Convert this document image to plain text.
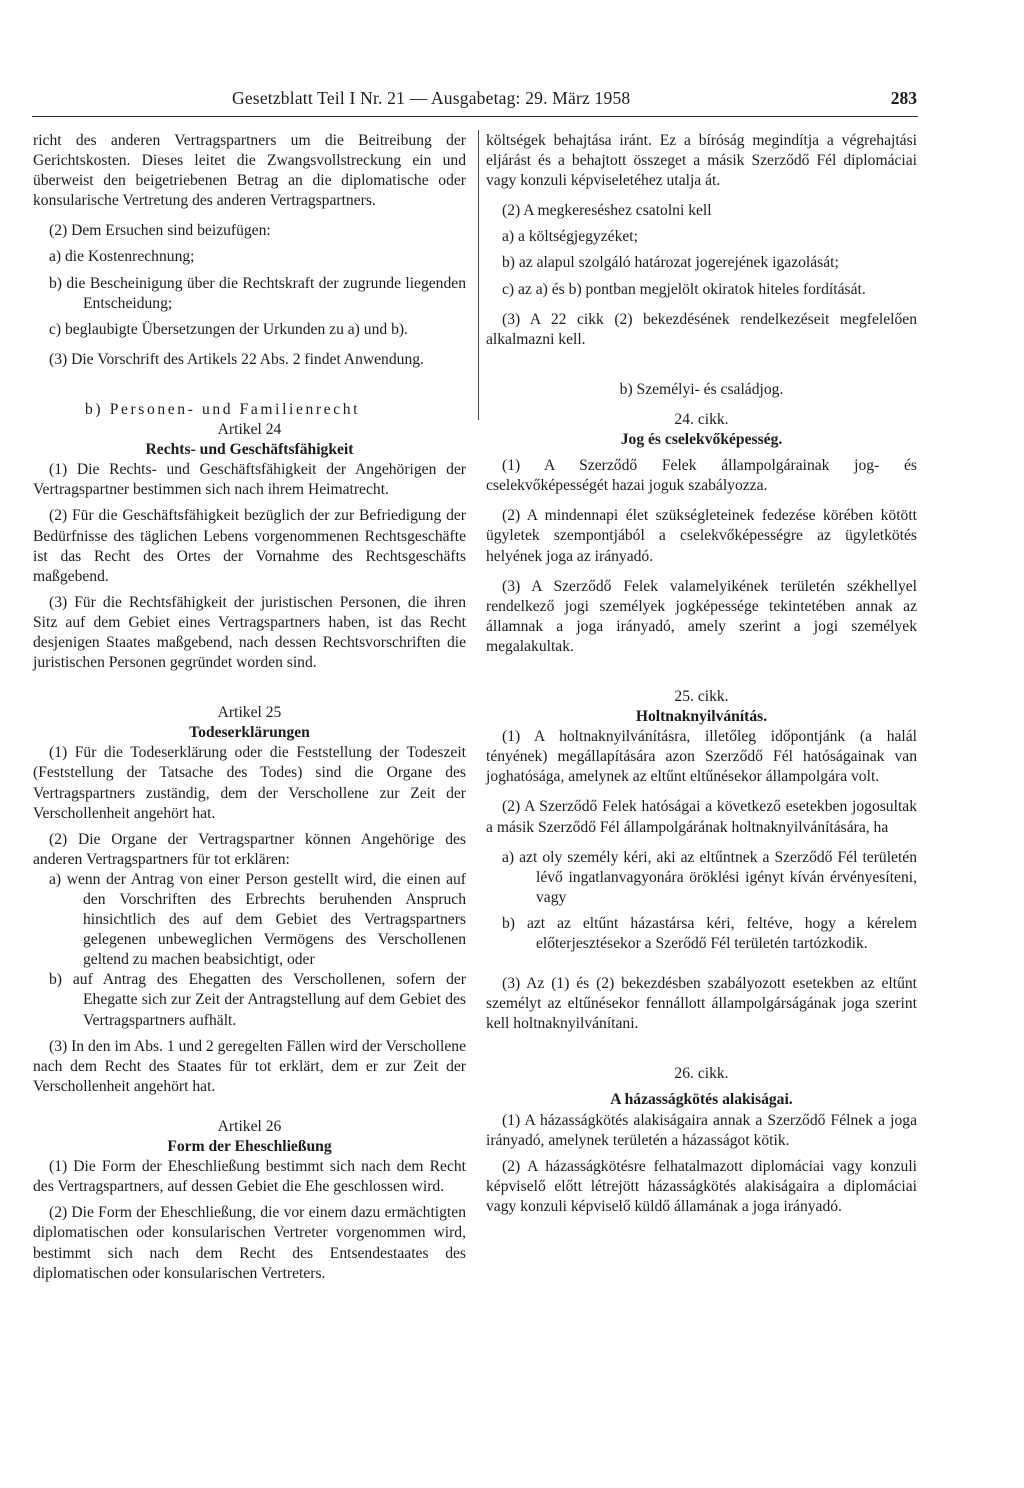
Gesetzblatt Teil I Nr. 21 — Ausgabetag: 29. März 1958	283

richt des anderen Vertragspartners um die Beitreibung der Gerichtskosten. Dieses leitet die Zwangsvollstreckung ein und überweist den beigetriebenen Betrag an die diplomatische oder konsularische Vertretung des anderen Vertragspartners.

(2) Dem Ersuchen sind beizufügen:

a) die Kostenrechnung;

b) die Bescheinigung über die Rechtskraft der zugrunde liegenden Entscheidung;

c) beglaubigte Übersetzungen der Urkunden zu a) und b).

(3) Die Vorschrift des Artikels 22 Abs. 2 findet Anwendung.

b) Personen- und Familienrecht

Artikel 24

Rechts- und Geschäftsfähigkeit

(1) Die Rechts- und Geschäftsfähigkeit der Angehörigen der Vertragspartner bestimmen sich nach ihrem Heimatrecht.

(2) Für die Geschäftsfähigkeit bezüglich der zur Befriedigung der Bedürfnisse des täglichen Lebens vorgenommenen Rechtsgeschäfte ist das Recht des Ortes der Vornahme des Rechtsgeschäfts maßgebend.

(3) Für die Rechtsfähigkeit der juristischen Personen, die ihren Sitz auf dem Gebiet eines Vertragspartners haben, ist das Recht desjenigen Staates maßgebend, nach dessen Rechtsvorschriften die juristischen Personen gegründet worden sind.

Artikel 25

Todeserklärungen

(1) Für die Todeserklärung oder die Feststellung der Todeszeit (Feststellung der Tatsache des Todes) sind die Organe des Vertragspartners zuständig, dem der Verschollene zur Zeit der Verschollenheit angehört hat.

(2) Die Organe der Vertragspartner können Angehörige des anderen Vertragspartners für tot erklären:

a) wenn der Antrag von einer Person gestellt wird, die einen auf den Vorschriften des Erbrechts beruhenden Anspruch hinsichtlich des auf dem Gebiet des Vertragspartners gelegenen unbeweglichen Vermögens des Verschollenen geltend zu machen beabsichtigt, oder

b) auf Antrag des Ehegatten des Verschollenen, sofern der Ehegatte sich zur Zeit der Antragstellung auf dem Gebiet des Vertragspartners aufhält.

(3) In den im Abs. 1 und 2 geregelten Fällen wird der Verschollene nach dem Recht des Staates für tot erklärt, dem er zur Zeit der Verschollenheit angehört hat.

Artikel 26

Form der Eheschließung

(1) Die Form der Eheschließung bestimmt sich nach dem Recht des Vertragspartners, auf dessen Gebiet die Ehe geschlossen wird.

(2) Die Form der Eheschließung, die vor einem dazu ermächtigten diplomatischen oder konsularischen Vertreter vorgenommen wird, bestimmt sich nach dem Recht des Entsendestaates des diplomatischen oder konsularischen Vertreters.

költségek behajtása iránt. Ez a bíróság megindítja a végrehajtási eljárást és a behajtott összeget a másik Szerződő Fél diplomáciai vagy konzuli képviseletéhez utalja át.

(2) A megkereséshez csatolni kell

a) a költségjegyzéket;

b) az alapul szolgáló határozat jogerejének igazolását;

c) az a) és b) pontban megjelölt okiratok hiteles fordítását.

(3) A 22 cikk (2) bekezdésének rendelkezéseit megfelelően alkalmazni kell.

b) Személyi- és családjog.

24. cikk.

Jog és cselekvőképesség.

(1) A Szerződő Felek állampolgárainak jog- és cselekvőképességét hazai joguk szabályozza.

(2) A mindennapi élet szükségleteinek fedezése körében kötött ügyletek szempontjából a cselekvőképességre az ügyletkötés helyének joga az irányadó.

(3) A Szerződő Felek valamelyikének területén székhellyel rendelkező jogi személyek jogképessége tekintetében annak az államnak a joga irányadó, amely szerint a jogi személyek megalakultak.

25. cikk.

Holtnaknyilvánítás.

(1) A holtnaknyilvánításra, illetőleg időpontjánk (a halál tényének) megállapítására azon Szerződő Fél hatóságainak van joghatósága, amelynek az eltűnt eltűnésekor állampolgára volt.

(2) A Szerződő Felek hatóságai a következő esetekben jogosultak a másik Szerződő Fél állampolgárának holtnaknyilvánítására, ha

a) azt oly személy kéri, aki az eltűntnek a Szerződő Fél területén lévő ingatlanvagyonára öröklési igényt kíván érvényesíteni, vagy

b) azt az eltűnt házastársa kéri, feltéve, hogy a kérelem előterjesztésekor a Szerődő Fél területén tartózkodik.

(3) Az (1) és (2) bekezdésben szabályozott esetekben az eltűnt személyt az eltűnésekor fennállott állampolgárságának joga szerint kell holtnaknyilvánítani.

26. cikk.

A házasságkötés alakiságai.

(1) A házasságkötés alakiságaira annak a Szerződő Félnek a joga irányadó, amelynek területén a házasságot kötik.

(2) A házasságkötésre felhatalmazott diplomáciai vagy konzuli képviselő előtt létrejött házasságkötés alakiságaira a diplomáciai vagy konzuli képviselő küldő államának a joga irányadó.
